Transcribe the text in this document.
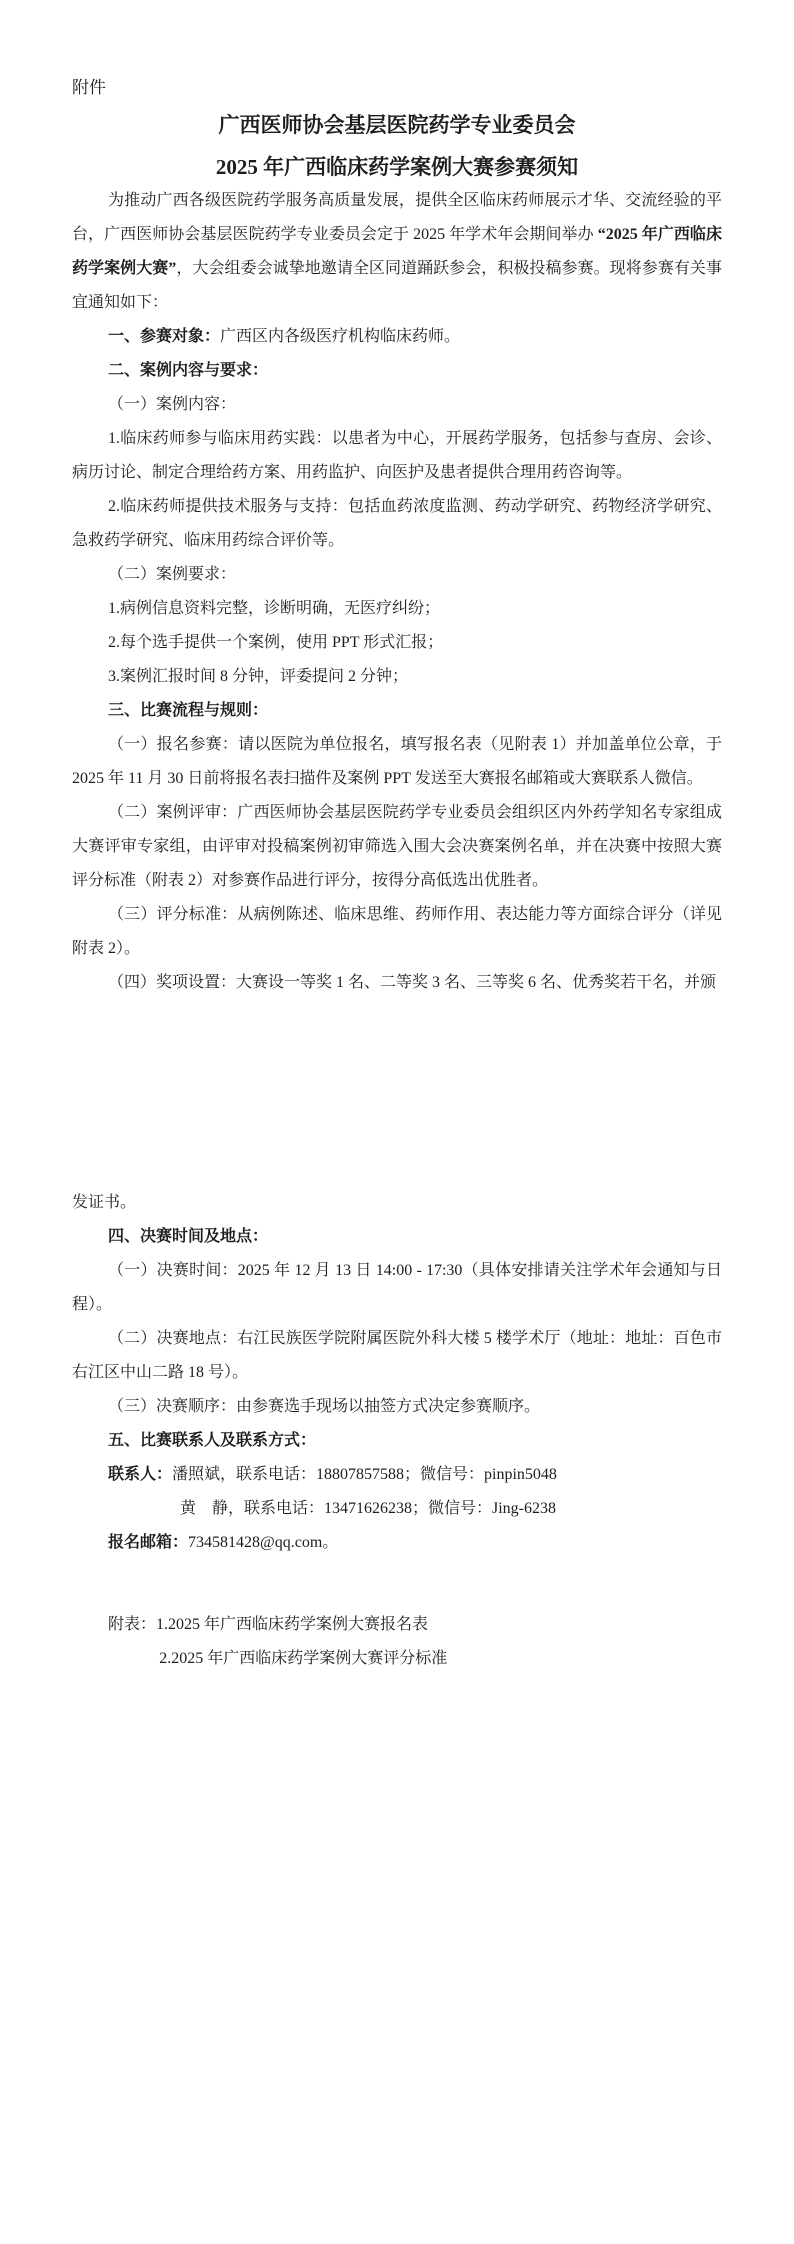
附件

广西医师协会基层医院药学专业委员会

2025 年广西临床药学案例大赛参赛须知

为推动广西各级医院药学服务高质量发展，提供全区临床药师展示才华、交流经验的平台，广西医师协会基层医院药学专业委员会定于 2025 年学术年会期间举办 “2025 年广西临床药学案例大赛”，大会组委会诚挚地邀请全区同道踊跃参会，积极投稿参赛。现将参赛有关事宜通知如下：

一、参赛对象：广西区内各级医疗机构临床药师。

二、案例内容与要求：

（一）案例内容：

1.临床药师参与临床用药实践：以患者为中心，开展药学服务，包括参与查房、会诊、病历讨论、制定合理给药方案、用药监护、向医护及患者提供合理用药咨询等。

2.临床药师提供技术服务与支持：包括血药浓度监测、药动学研究、药物经济学研究、急救药学研究、临床用药综合评价等。

（二）案例要求：

1.病例信息资料完整，诊断明确，无医疗纠纷；

2.每个选手提供一个案例，使用 PPT 形式汇报；

3.案例汇报时间 8 分钟，评委提问 2 分钟；

三、比赛流程与规则：

（一）报名参赛：请以医院为单位报名，填写报名表（见附表 1）并加盖单位公章，于 2025 年 11 月 30 日前将报名表扫描件及案例 PPT 发送至大赛报名邮箱或大赛联系人微信。

（二）案例评审：广西医师协会基层医院药学专业委员会组织区内外药学知名专家组成大赛评审专家组，由评审对投稿案例初审筛选入围大会决赛案例名单，并在决赛中按照大赛评分标准（附表 2）对参赛作品进行评分，按得分高低选出优胜者。

（三）评分标准：从病例陈述、临床思维、药师作用、表达能力等方面综合评分（详见附表 2）。

（四）奖项设置：大赛设一等奖 1 名、二等奖 3 名、三等奖 6 名、优秀奖若干名，并颁

发证书。

四、决赛时间及地点：

（一）决赛时间：2025 年 12 月 13 日 14:00 - 17:30（具体安排请关注学术年会通知与日程）。

（二）决赛地点：右江民族医学院附属医院外科大楼 5 楼学术厅（地址：地址：百色市右江区中山二路 18 号）。

（三）决赛顺序：由参赛选手现场以抽签方式决定参赛顺序。

五、比赛联系人及联系方式：

联系人：潘照斌，联系电话：18807857588；微信号：pinpin5048

黄　静，联系电话：13471626238；微信号：Jing-6238

报名邮箱：734581428@qq.com。

附表：1.2025 年广西临床药学案例大赛报名表

2.2025 年广西临床药学案例大赛评分标准
